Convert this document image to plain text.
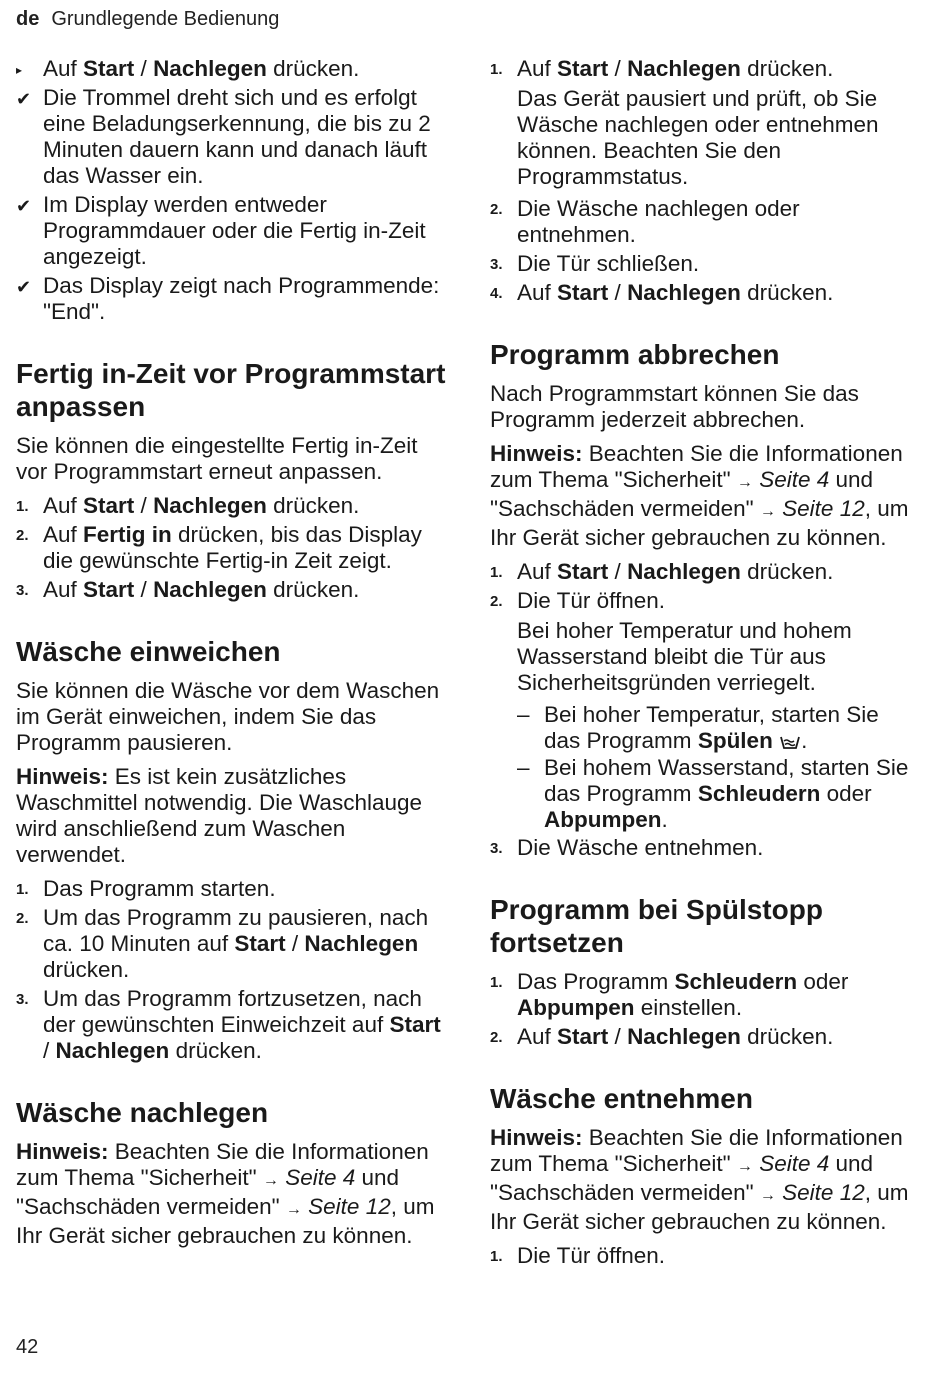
de Grundlegende Bedienung
▸ Auf Start / Nachlegen drücken.
✔ Die Trommel dreht sich und es erfolgt eine Beladungserkennung, die bis zu 2 Minuten dauern kann und danach läuft das Wasser ein.
✔ Im Display werden entweder Programmdauer oder die Fertig in-Zeit angezeigt.
✔ Das Display zeigt nach Programmende: "End".
Fertig in-Zeit vor Programmstart anpassen

Sie können die eingestellte Fertig in-Zeit vor Programmstart erneut anpassen.

1. Auf Start / Nachlegen drücken.
2. Auf Fertig in drücken, bis das Display die gewünschte Fertig-in Zeit zeigt.
3. Auf Start / Nachlegen drücken.
Wäsche einweichen

Sie können die Wäsche vor dem Waschen im Gerät einweichen, indem Sie das Programm pausieren.

Hinweis: Es ist kein zusätzliches Waschmittel notwendig. Die Waschlauge wird anschließend zum Waschen verwendet.

1. Das Programm starten.
2. Um das Programm zu pausieren, nach ca. 10 Minuten auf Start / Nachlegen drücken.
3. Um das Programm fortzusetzen, nach der gewünschten Einweichzeit auf Start / Nachlegen drücken.
Wäsche nachlegen

Hinweis: Beachten Sie die Informationen zum Thema "Sicherheit" → Seite 4 und "Sachschäden vermeiden" → Seite 12, um Ihr Gerät sicher gebrauchen zu können.

1. Auf Start / Nachlegen drücken.
Das Gerät pausiert und prüft, ob Sie Wäsche nachlegen oder entnehmen können. Beachten Sie den Programmstatus.
2. Die Wäsche nachlegen oder entnehmen.
3. Die Tür schließen.
4. Auf Start / Nachlegen drücken.
Programm abbrechen

Nach Programmstart können Sie das Programm jederzeit abbrechen.

Hinweis: Beachten Sie die Informationen zum Thema "Sicherheit" → Seite 4 und "Sachschäden vermeiden" → Seite 12, um Ihr Gerät sicher gebrauchen zu können.

1. Auf Start / Nachlegen drücken.
2. Die Tür öffnen.
Bei hoher Temperatur und hohem Wasserstand bleibt die Tür aus Sicherheitsgründen verriegelt.
– Bei hoher Temperatur, starten Sie das Programm Spülen .
– Bei hohem Wasserstand, starten Sie das Programm Schleudern oder Abpumpen.
3. Die Wäsche entnehmen.
Programm bei Spülstopp fortsetzen
1. Das Programm Schleudern oder Abpumpen einstellen.
2. Auf Start / Nachlegen drücken.
Wäsche entnehmen

Hinweis: Beachten Sie die Informationen zum Thema "Sicherheit" → Seite 4 und "Sachschäden vermeiden" → Seite 12, um Ihr Gerät sicher gebrauchen zu können.

1. Die Tür öffnen.
42
